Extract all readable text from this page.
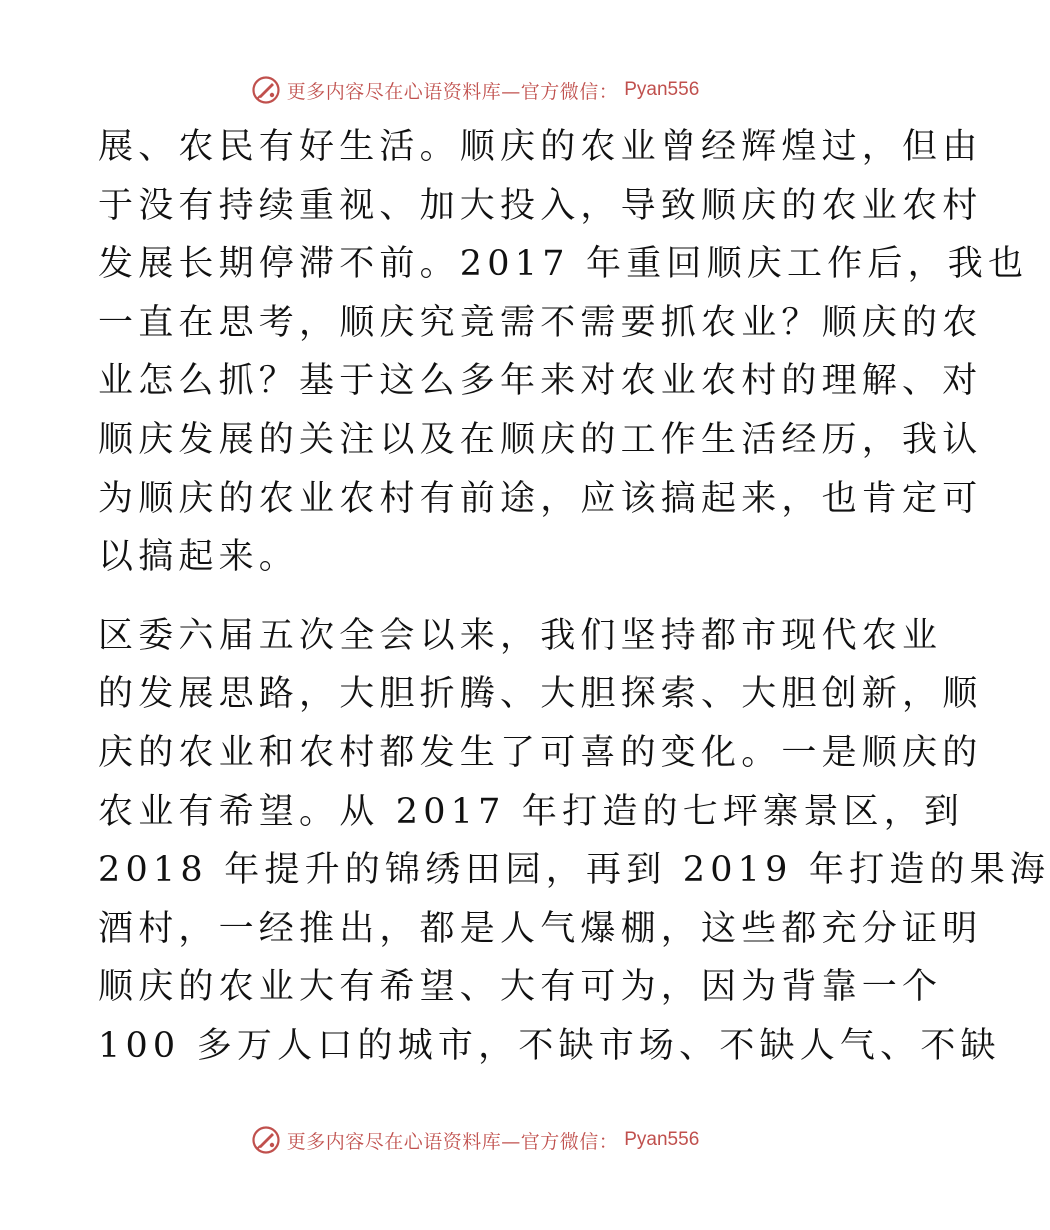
更多内容尽在心语资料库—官方微信： Pyan556
展、农民有好生活。顺庆的农业曾经辉煌过，但由
于没有持续重视、加大投入，导致顺庆的农业农村
发展长期停滞不前。2017 年重回顺庆工作后，我也
一直在思考，顺庆究竟需不需要抓农业？顺庆的农
业怎么抓？基于这么多年来对农业农村的理解、对
顺庆发展的关注以及在顺庆的工作生活经历，我认
为顺庆的农业农村有前途，应该搞起来，也肯定可
以搞起来。
区委六届五次全会以来，我们坚持都市现代农业
的发展思路，大胆折腾、大胆探索、大胆创新，顺
庆的农业和农村都发生了可喜的变化。一是顺庆的
农业有希望。从 2017 年打造的七坪寨景区，到
2018 年提升的锦绣田园，再到 2019 年打造的果海
酒村，一经推出，都是人气爆棚，这些都充分证明
顺庆的农业大有希望、大有可为，因为背靠一个
100 多万人口的城市，不缺市场、不缺人气、不缺
更多内容尽在心语资料库—官方微信： Pyan556
